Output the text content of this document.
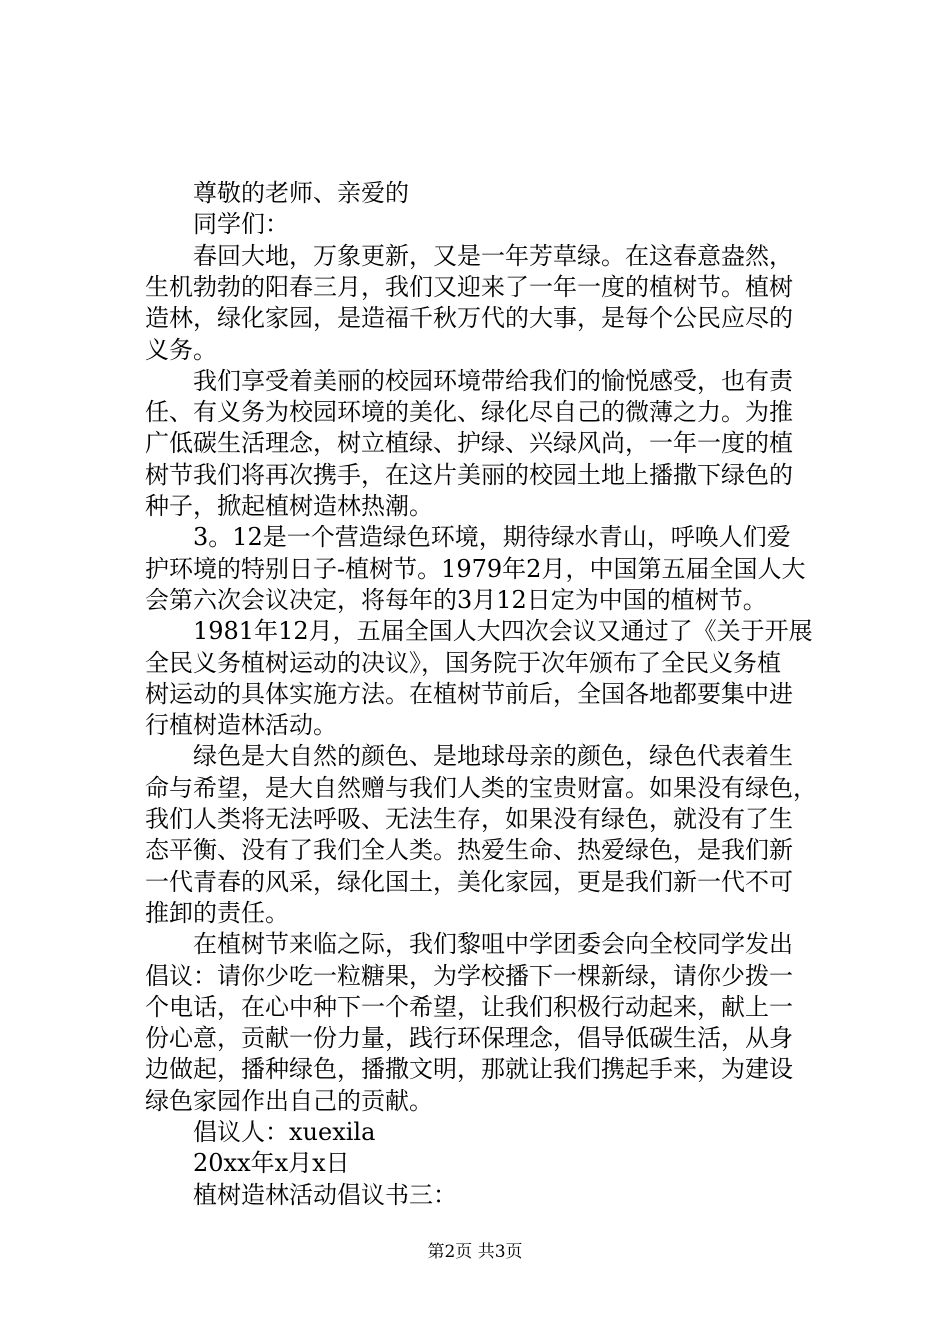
　　尊敬的老师、亲爱的
　　同学们：
　　春回大地，万象更新，又是一年芳草绿。在这春意盎然，
生机勃勃的阳春三月，我们又迎来了一年一度的植树节。植树
造林，绿化家园，是造福千秋万代的大事，是每个公民应尽的
义务。
　　我们享受着美丽的校园环境带给我们的愉悦感受，也有责
任、有义务为校园环境的美化、绿化尽自己的微薄之力。为推
广低碳生活理念，树立植绿、护绿、兴绿风尚，一年一度的植
树节我们将再次携手，在这片美丽的校园土地上播撒下绿色的
种子，掀起植树造林热潮。
　　3。12是一个营造绿色环境，期待绿水青山，呼唤人们爱
护环境的特别日子-植树节。1979年2月，中国第五届全国人大
会第六次会议决定，将每年的3月12日定为中国的植树节。
　　1981年12月，五届全国人大四次会议又通过了《关于开展
全民义务植树运动的决议》，国务院于次年颁布了全民义务植
树运动的具体实施方法。在植树节前后，全国各地都要集中进
行植树造林活动。
　　绿色是大自然的颜色、是地球母亲的颜色，绿色代表着生
命与希望，是大自然赠与我们人类的宝贵财富。如果没有绿色，
我们人类将无法呼吸、无法生存，如果没有绿色，就没有了生
态平衡、没有了我们全人类。热爱生命、热爱绿色，是我们新
一代青春的风采，绿化国土，美化家园，更是我们新一代不可
推卸的责任。
　　在植树节来临之际，我们黎咀中学团委会向全校同学发出
倡议：请你少吃一粒糖果，为学校播下一棵新绿，请你少拨一
个电话，在心中种下一个希望，让我们积极行动起来，献上一
份心意，贡献一份力量，践行环保理念，倡导低碳生活，从身
边做起，播种绿色，播撒文明，那就让我们携起手来，为建设
绿色家园作出自己的贡献。
　　倡议人：xuexila
　　20xx年x月x日
　　植树造林活动倡议书三：
第2页 共3页
